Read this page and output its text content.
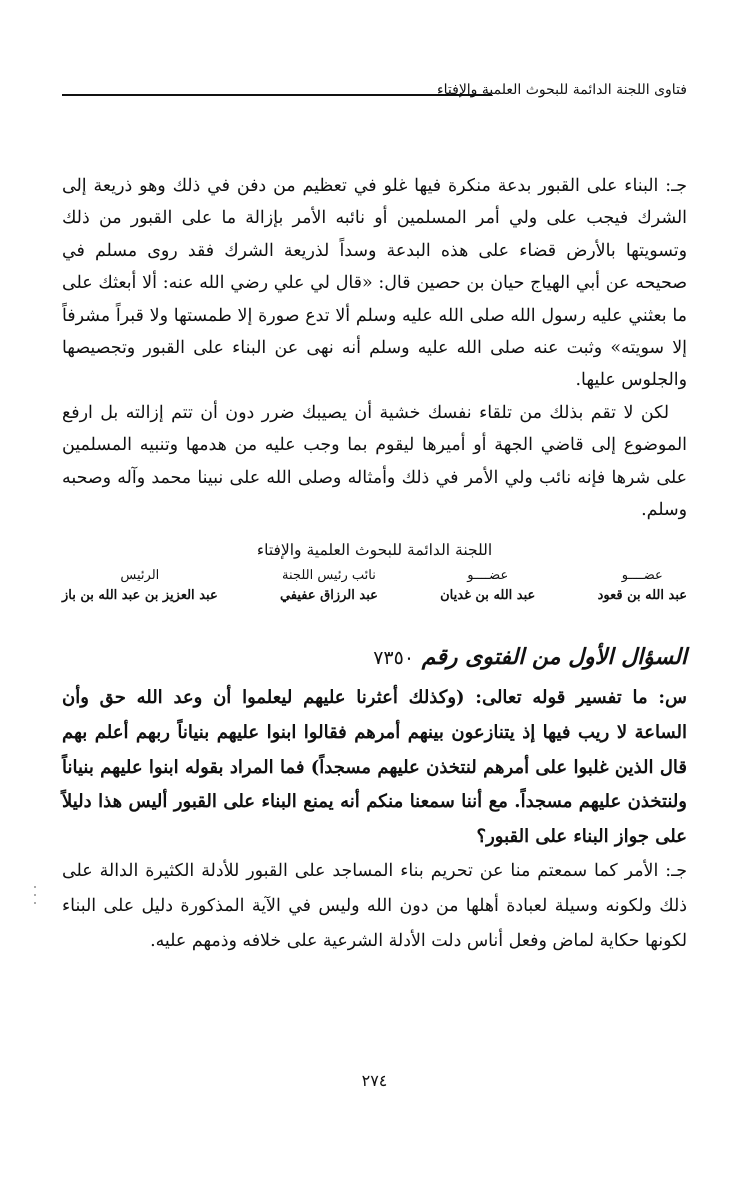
فتاوى اللجنة الدائمة للبحوث العلمية والإفتاء

جـ: البناء على القبور بدعة منكرة فيها غلو في تعظيم من دفن في ذلك وهو ذريعة إلى الشرك فيجب على ولي أمر المسلمين أو نائبه الأمر بإزالة ما على القبور من ذلك وتسويتها بالأرض قضاء على هذه البدعة وسداً لذريعة الشرك فقد روى مسلم في صحيحه عن أبي الهياج حيان بن حصين قال: «قال لي علي رضي الله عنه: ألا أبعثك على ما بعثني عليه رسول الله صلى الله عليه وسلم ألا تدع صورة إلا طمستها ولا قبراً مشرفاً إلا سويته» وثبت عنه صلى الله عليه وسلم أنه نهى عن البناء على القبور وتجصيصها والجلوس عليها.

لكن لا تقم بذلك من تلقاء نفسك خشية أن يصيبك ضرر دون أن تتم إزالته بل ارفع الموضوع إلى قاضي الجهة أو أميرها ليقوم بما وجب عليه من هدمها وتنبيه المسلمين على شرها فإنه نائب ولي الأمر في ذلك وأمثاله وصلى الله على نبينا محمد وآله وصحبه وسلم.

اللجنة الدائمة للبحوث العلمية والإفتاء
عضــــو
عبد الله بن قعود
عضــــو
عبد الله بن غديان
نائب رئيس اللجنة
عبد الرزاق عفيفي
الرئيس
عبد العزيز بن عبد الله بن باز
السؤال الأول من الفتوى رقم ٧٣٥٠

س: ما تفسير قوله تعالى: (وكذلك أعثرنا عليهم ليعلموا أن وعد الله حق وأن الساعة لا ريب فيها إذ يتنازعون بينهم أمرهم فقالوا ابنوا عليهم بنياناً ربهم أعلم بهم قال الذين غلبوا على أمرهم لنتخذن عليهم مسجداً) فما المراد بقوله ابنوا عليهم بنياناً ولنتخذن عليهم مسجداً. مع أننا سمعنا منكم أنه يمنع البناء على القبور أليس هذا دليلاً على جواز البناء على القبور؟

جـ: الأمر كما سمعتم منا عن تحريم بناء المساجد على القبور للأدلة الكثيرة الدالة على ذلك ولكونه وسيلة لعبادة أهلها من دون الله وليس في الآية المذكورة دليل على البناء لكونها حكاية لماض وفعل أناس دلت الأدلة الشرعية على خلافه وذمهم عليه.

٢٧٤
